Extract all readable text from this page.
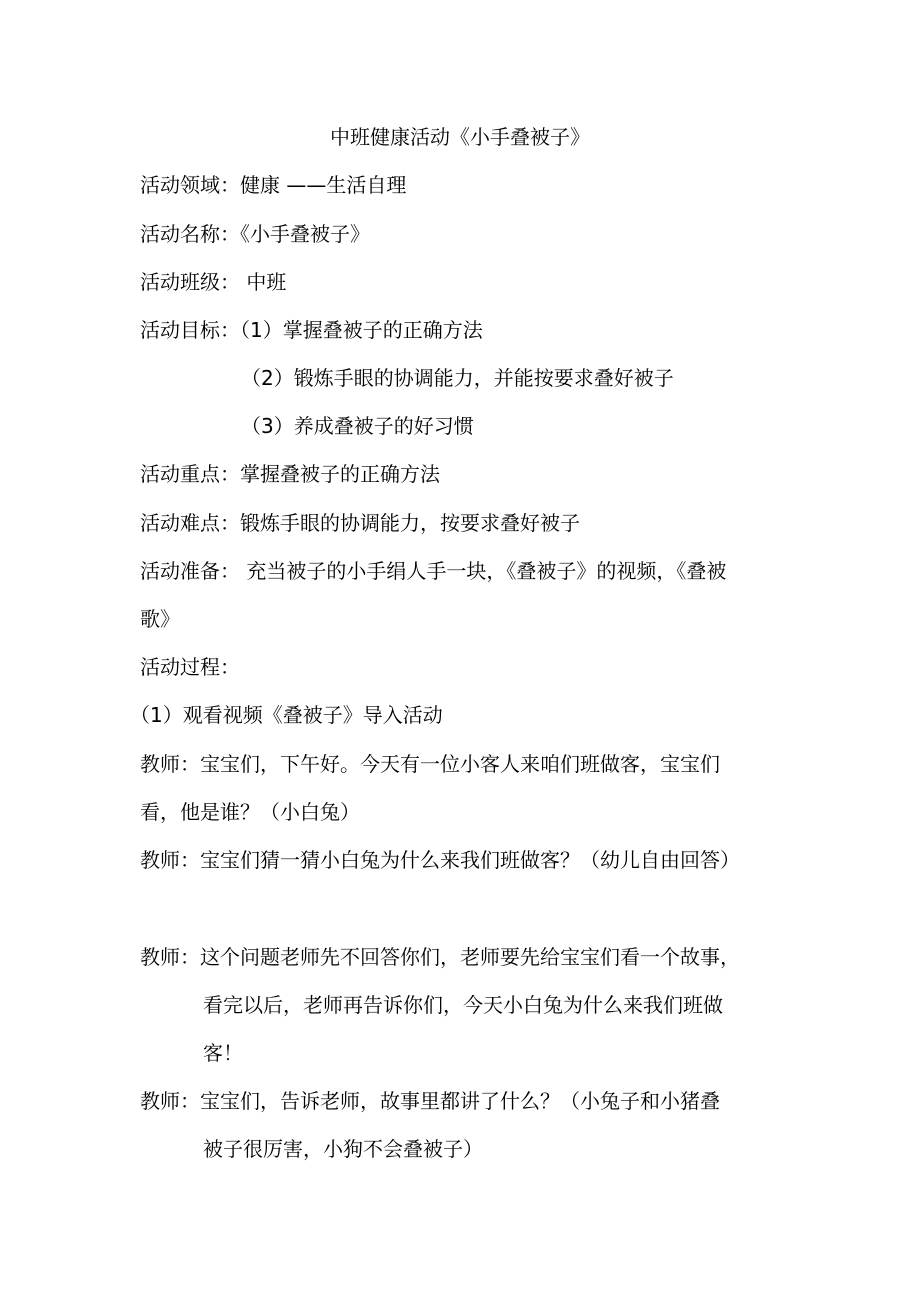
中班健康活动《小手叠被子》
活动领域：健康 ——生活自理
活动名称：《小手叠被子》
活动班级： 中班
活动目标：（1）掌握叠被子的正确方法
（2）锻炼手眼的协调能力，并能按要求叠好被子
（3）养成叠被子的好习惯
活动重点：掌握叠被子的正确方法
活动难点：锻炼手眼的协调能力，按要求叠好被子
活动准备： 充当被子的小手绢人手一块，《叠被子》的视频，《叠被
歌》
活动过程：
（1）观看视频《叠被子》导入活动
教师：宝宝们，下午好。今天有一位小客人来咱们班做客，宝宝们
看，他是谁？（小白兔）
教师：宝宝们猜一猜小白兔为什么来我们班做客？（幼儿自由回答）
教师：这个问题老师先不回答你们，老师要先给宝宝们看一个故事，
看完以后，老师再告诉你们，今天小白兔为什么来我们班做
客！
教师：宝宝们，告诉老师，故事里都讲了什么？（小兔子和小猪叠
被子很厉害，小狗不会叠被子）
